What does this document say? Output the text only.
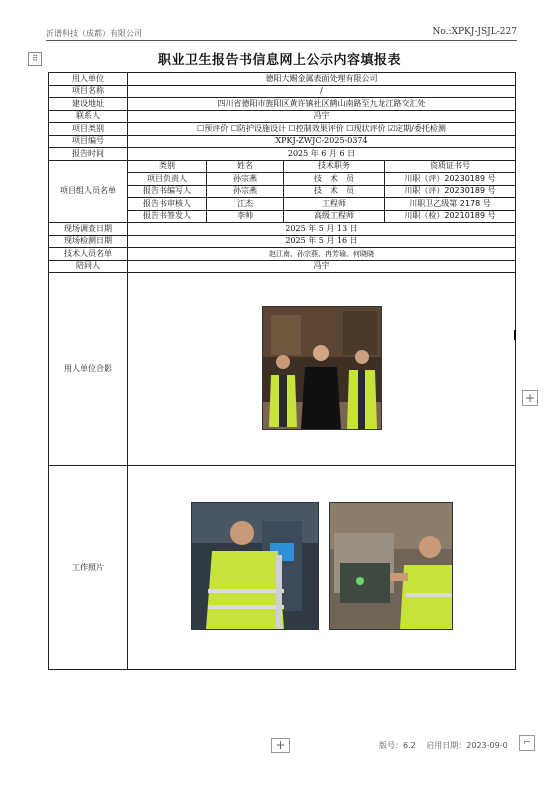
沂谱科技（成都）有限公司	No.:XPKJ-JSJL-227
⠿	职业卫生报告书信息网上公示内容填报表
用人单位	德阳大赐金属表面处理有限公司			
项目名称	/			
建设地址	四川省德阳市旌阳区黄许镇社区鹤山南路至九龙江路交汇处			
联系人	冯宇			
项目类别	☐预评价 ☐防护设施设计 ☐控制效果评价 ☐现状评价 ☑定期/委托检测			
项目编号	XPKJ-ZWJC-2025-0374			
报告时间	2025 年 6 月 6 日			
项目组人员名单	类别	姓名	技术职务	资质证书号
	项目负责人	孙宗燕	技　术　员	川职（评）20230189 号
	报告书编写人	孙宗燕	技　术　员	川职（评）20230189 号
	报告书审核人	江杰	工程师	川职卫乙级第 2178 号
	报告书签发人	李帅	高级工程师	川职（检）20210189 号
现场调查日期	2025 年 5 月 13 日			
现场检测日期	2025 年 5 月 16 日			
技术人员名单	赵江南、孙宗燕、冉芳瑜、何晓晓			
陪同人	冯宇			
用人单位合影	
工作照片	
+
+	版号：6.2 启用日期：2023-09-0	⌐
